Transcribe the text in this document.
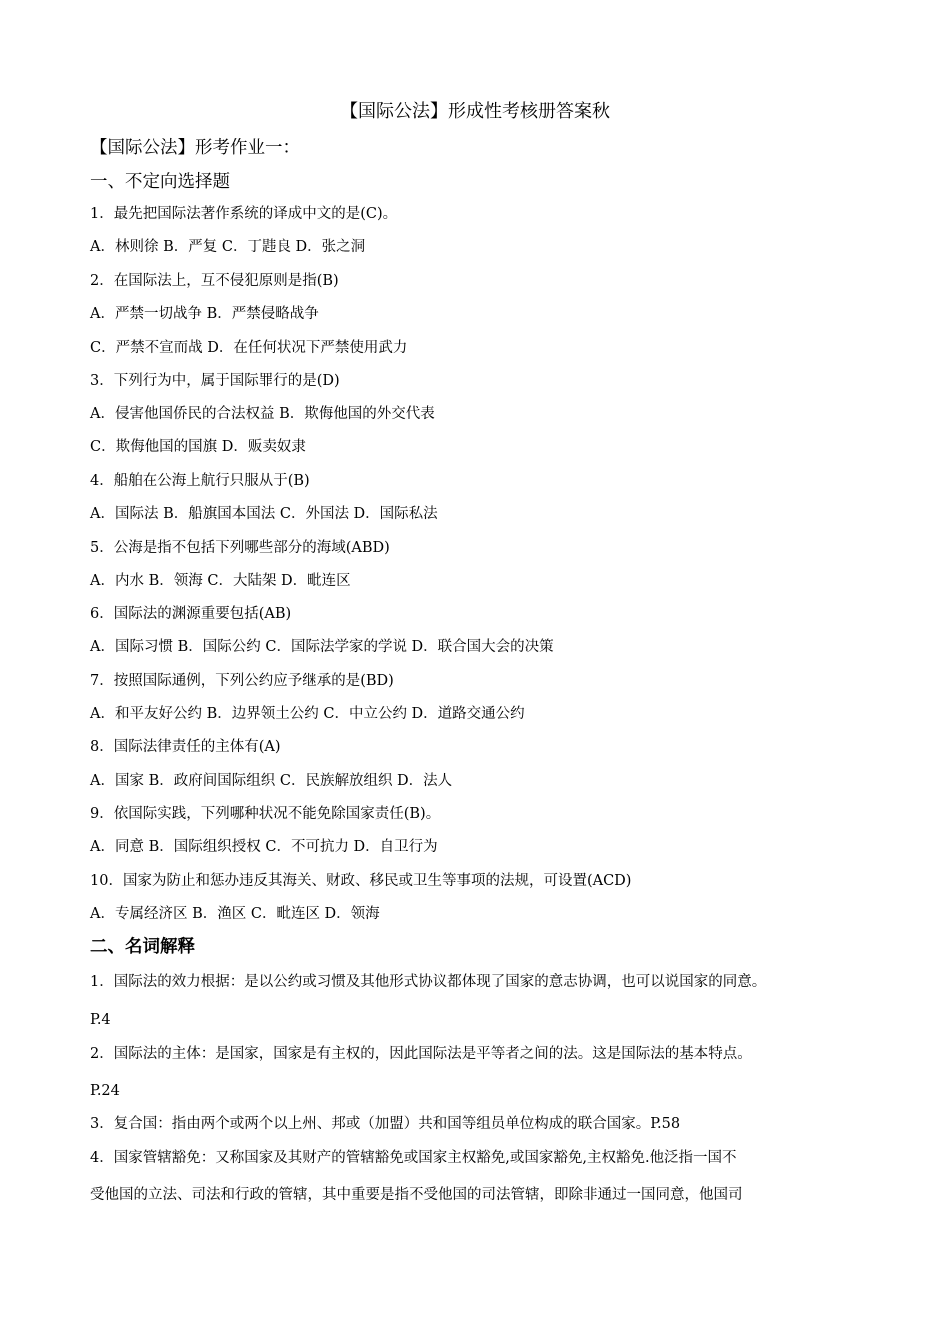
【国际公法】形成性考核册答案秋
【国际公法】形考作业一：
一、不定向选择题
1．最先把国际法著作系统的译成中文的是(C)。
A．林则徐 B．严复 C．丁韪良 D．张之洞
2．在国际法上，互不侵犯原则是指(B)
A．严禁一切战争 B．严禁侵略战争
C．严禁不宣而战 D．在任何状况下严禁使用武力
3．下列行为中，属于国际罪行的是(D)
A．侵害他国侨民的合法权益 B．欺侮他国的外交代表
C．欺侮他国的国旗 D．贩卖奴隶
4．船舶在公海上航行只服从于(B)
A．国际法 B．船旗国本国法 C．外国法 D．国际私法
5．公海是指不包括下列哪些部分的海域(ABD)
A．内水 B．领海 C．大陆架 D．毗连区
6．国际法的渊源重要包括(AB)
A．国际习惯 B．国际公约 C．国际法学家的学说 D．联合国大会的决策
7．按照国际通例，下列公约应予继承的是(BD)
A．和平友好公约 B．边界领土公约 C．中立公约 D．道路交通公约
8．国际法律责任的主体有(A)
A．国家 B．政府间国际组织 C．民族解放组织 D．法人
9．依国际实践，下列哪种状况不能免除国家责任(B)。
A．同意 B．国际组织授权 C．不可抗力 D．自卫行为
10．国家为防止和惩办违反其海关、财政、移民或卫生等事项的法规，可设置(ACD)
A．专属经济区 B．渔区 C．毗连区 D．领海
二、名词解释
1．国际法的效力根据：是以公约或习惯及其他形式协议都体现了国家的意志协调，也可以说国家的同意。
P.4
2．国际法的主体：是国家，国家是有主权的，因此国际法是平等者之间的法。这是国际法的基本特点。
P.24
3．复合国：指由两个或两个以上州、邦或（加盟）共和国等组员单位构成的联合国家。P.58
4．国家管辖豁免：又称国家及其财产的管辖豁免或国家主权豁免,或国家豁免,主权豁免.他泛指一国不
受他国的立法、司法和行政的管辖，其中重要是指不受他国的司法管辖，即除非通过一国同意，他国司
